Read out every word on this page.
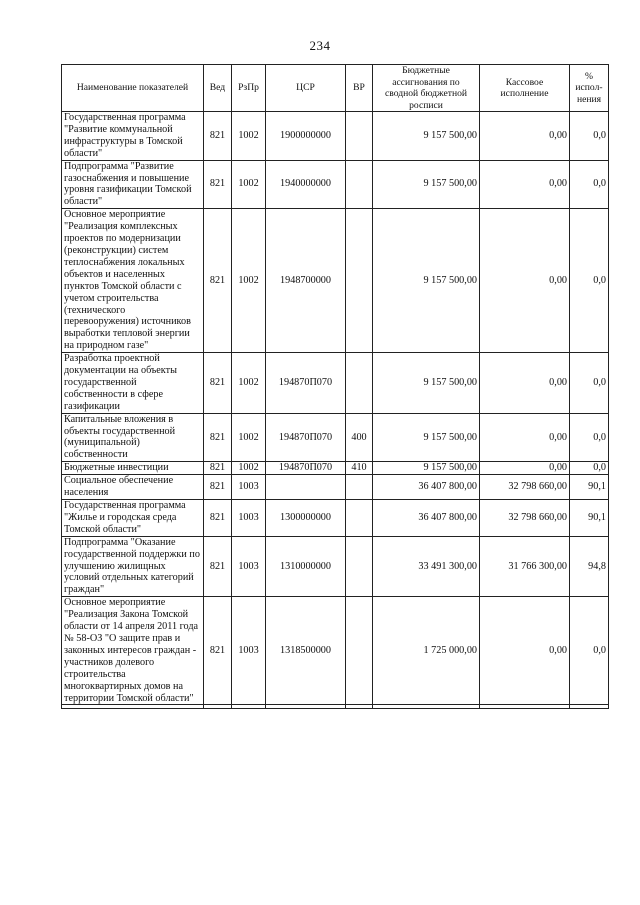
234
Наименование показателей	Вед	РзПр	ЦСР	ВР	Бюджетные ассигнования по сводной бюджетной росписи	Кассовое исполнение	% испол-нения
Государственная программа "Развитие коммунальной инфраструктуры в Томской области"	821	1002	1900000000		9 157 500,00	0,00	0,0
Подпрограмма "Развитие газоснабжения и повышение уровня газификации Томской области"	821	1002	1940000000		9 157 500,00	0,00	0,0
Основное мероприятие "Реализация комплексных проектов по модернизации (реконструкции) систем теплоснабжения локальных объектов и населенных пунктов Томской области с учетом строительства (технического перевооружения) источников выработки тепловой энергии на природном газе"	821	1002	1948700000		9 157 500,00	0,00	0,0
Разработка проектной документации на объекты государственной собственности в сфере газификации	821	1002	194870П070		9 157 500,00	0,00	0,0
Капитальные вложения в объекты государственной (муниципальной) собственности	821	1002	194870П070	400	9 157 500,00	0,00	0,0
Бюджетные инвестиции	821	1002	194870П070	410	9 157 500,00	0,00	0,0
Социальное обеспечение населения	821	1003			36 407 800,00	32 798 660,00	90,1
Государственная программа "Жилье и городская среда Томской области"	821	1003	1300000000		36 407 800,00	32 798 660,00	90,1
Подпрограмма "Оказание государственной поддержки по улучшению жилищных условий отдельных категорий граждан"	821	1003	1310000000		33 491 300,00	31 766 300,00	94,8
Основное мероприятие "Реализация Закона Томской области от 14 апреля 2011 года № 58-ОЗ "О защите прав и законных интересов граждан - участников долевого строительства многоквартирных домов на территории Томской области"	821	1003	1318500000		1 725 000,00	0,00	0,0
